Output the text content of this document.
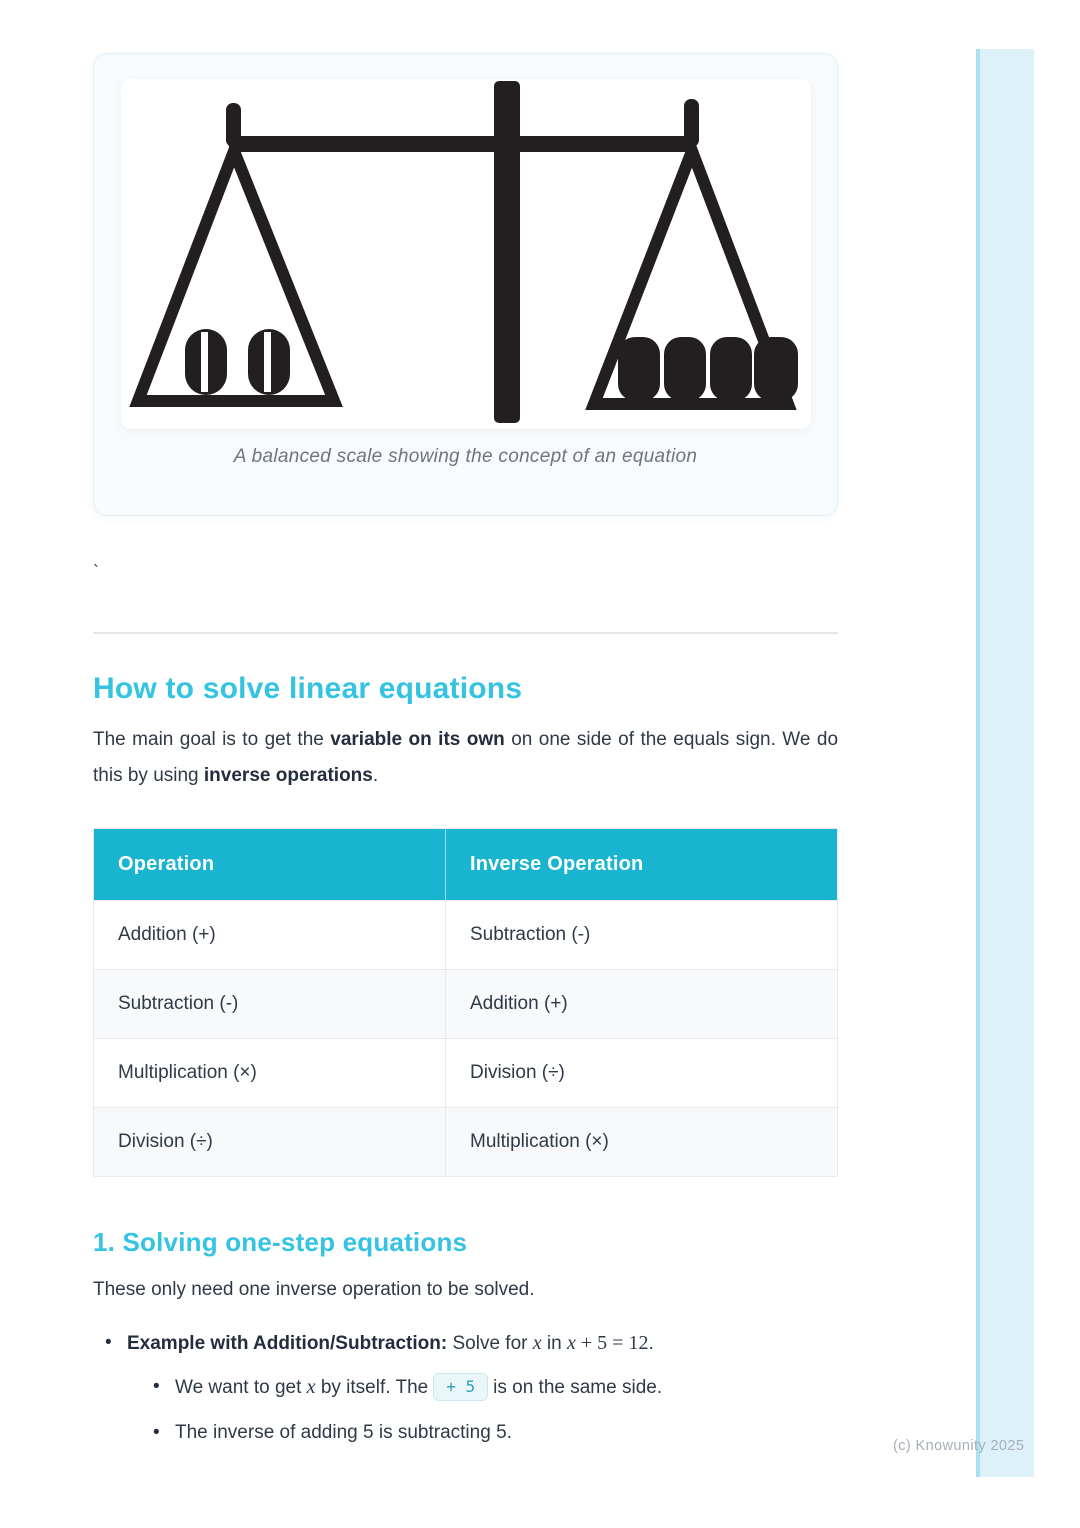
(c) Knowunity 2025
A balanced scale showing the concept of an equation
`
How to solve linear equations

The main goal is to get the variable on its own on one side of the equals sign. We do this by using inverse operations.

Operation	Inverse Operation
Addition (+)	Subtraction (-)
Subtraction (-)	Addition (+)
Multiplication (×)	Division (÷)
Division (÷)	Multiplication (×)
1. Solving one-step equations

These only need one inverse operation to be solved.

• Example with Addition/Subtraction: Solve for x in x + 5 = 12.
• We want to get x by itself. The + 5 is on the same side.
• The inverse of adding 5 is subtracting 5.
